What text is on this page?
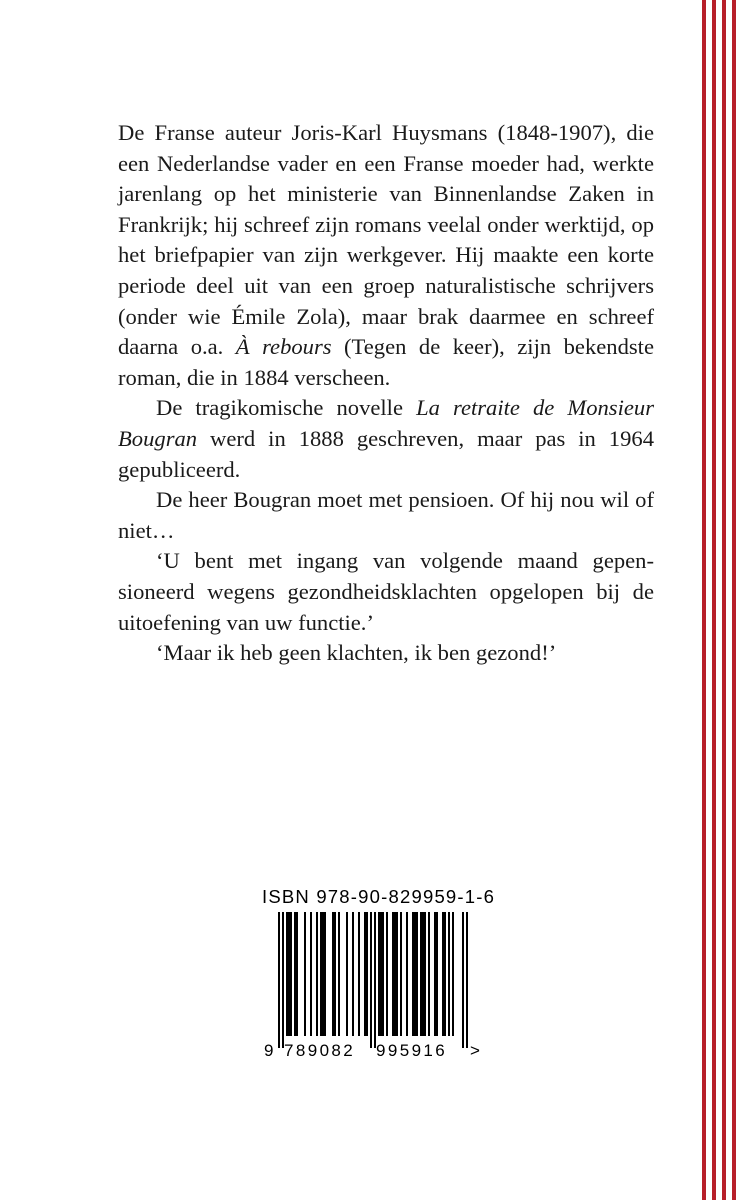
De Franse auteur Joris-Karl Huysmans (1848-1907), die een Nederlandse vader en een Franse moeder had, werkte jarenlang op het ministerie van Binnenlandse Zaken in Frankrijk; hij schreef zijn romans veelal onder werktijd, op het briefpapier van zijn werkgever. Hij maakte een korte periode deel uit van een groep naturalistische schrijvers (onder wie Émile Zola), maar brak daarmee en schreef daarna o.a. À rebours (Tegen de keer), zijn bekendste roman, die in 1884 verscheen.

De tragikomische novelle La retraite de Monsieur Bougran werd in 1888 geschreven, maar pas in 1964 gepubliceerd.

De heer Bougran moet met pensioen. Of hij nou wil of niet…

‘U bent met ingang van volgende maand gepensioneerd wegens gezondheidsklachten opgelopen bij de uitoefening van uw functie.’

‘Maar ik heb geen klachten, ik ben gezond!’

ISBN 978-90-829959-1-6
9 789082 995916 >
